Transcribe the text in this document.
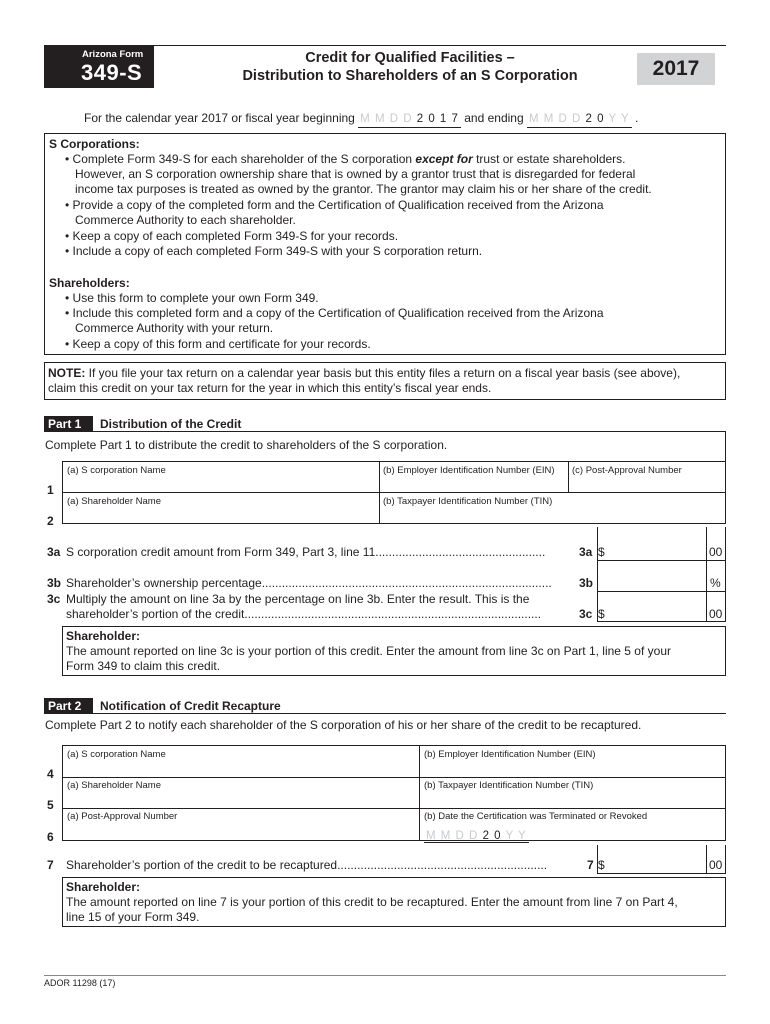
Arizona Form
349-S
Credit for Qualified Facilities –
Distribution to Shareholders of an S Corporation	2017
For the calendar year 2017 or fiscal year beginning M M D D 2 0 1 7 and ending M M D D 2 0 Y Y .
S Corporations:
• Complete Form 349-S for each shareholder of the S corporation except for trust or estate shareholders.
However, an S corporation ownership share that is owned by a grantor trust that is disregarded for federal
income tax purposes is treated as owned by the grantor. The grantor may claim his or her share of the credit.
• Provide a copy of the completed form and the Certification of Qualification received from the Arizona
Commerce Authority to each shareholder.
• Keep a copy of each completed Form 349-S for your records.
• Include a copy of each completed Form 349-S with your S corporation return.
Shareholders:
• Use this form to complete your own Form 349.
• Include this completed form and a copy of the Certification of Qualification received from the Arizona
Commerce Authority with your return.
• Keep a copy of this form and certificate for your records.
NOTE: If you file your tax return on a calendar year basis but this entity files a return on a fiscal year basis (see above),
claim this credit on your tax return for the year in which this entity’s fiscal year ends.
Part 1	Distribution of the Credit
Complete Part 1 to distribute the credit to shareholders of the S corporation.
(a) S corporation Name	(b) Employer Identification Number (EIN) (c) Post-Approval Number
1
(a) Shareholder Name	(b) Taxpayer Identification Number (TIN)
2
3a S corporation credit amount from Form 349, Part 3, line 11...................................................	3a $	00
3b Shareholder’s ownership percentage....................................................................................... 3b	%
3c Multiply the amount on line 3a by the percentage on line 3b. Enter the result. This is the
shareholder’s portion of the credit.........................................................................................	3c $	00
Shareholder:
The amount reported on line 3c is your portion of this credit. Enter the amount from line 3c on Part 1, line 5 of your
Form 349 to claim this credit.
Part 2	Notification of Credit Recapture
Complete Part 2 to notify each shareholder of the S corporation of his or her share of the credit to be recaptured.
(a) S corporation Name	(b) Employer Identification Number (EIN)
4
(a) Shareholder Name	(b) Taxpayer Identification Number (TIN)
5
(a) Post-Approval Number	(b) Date the Certification was Terminated or Revoked
M M D D 2 0 Y Y
6
7 Shareholder’s portion of the credit to be recaptured...............................................................	7 $	00
Shareholder:
The amount reported on line 7 is your portion of this credit to be recaptured. Enter the amount from line 7 on Part 4,
line 15 of your Form 349.
ADOR 11298 (17)
